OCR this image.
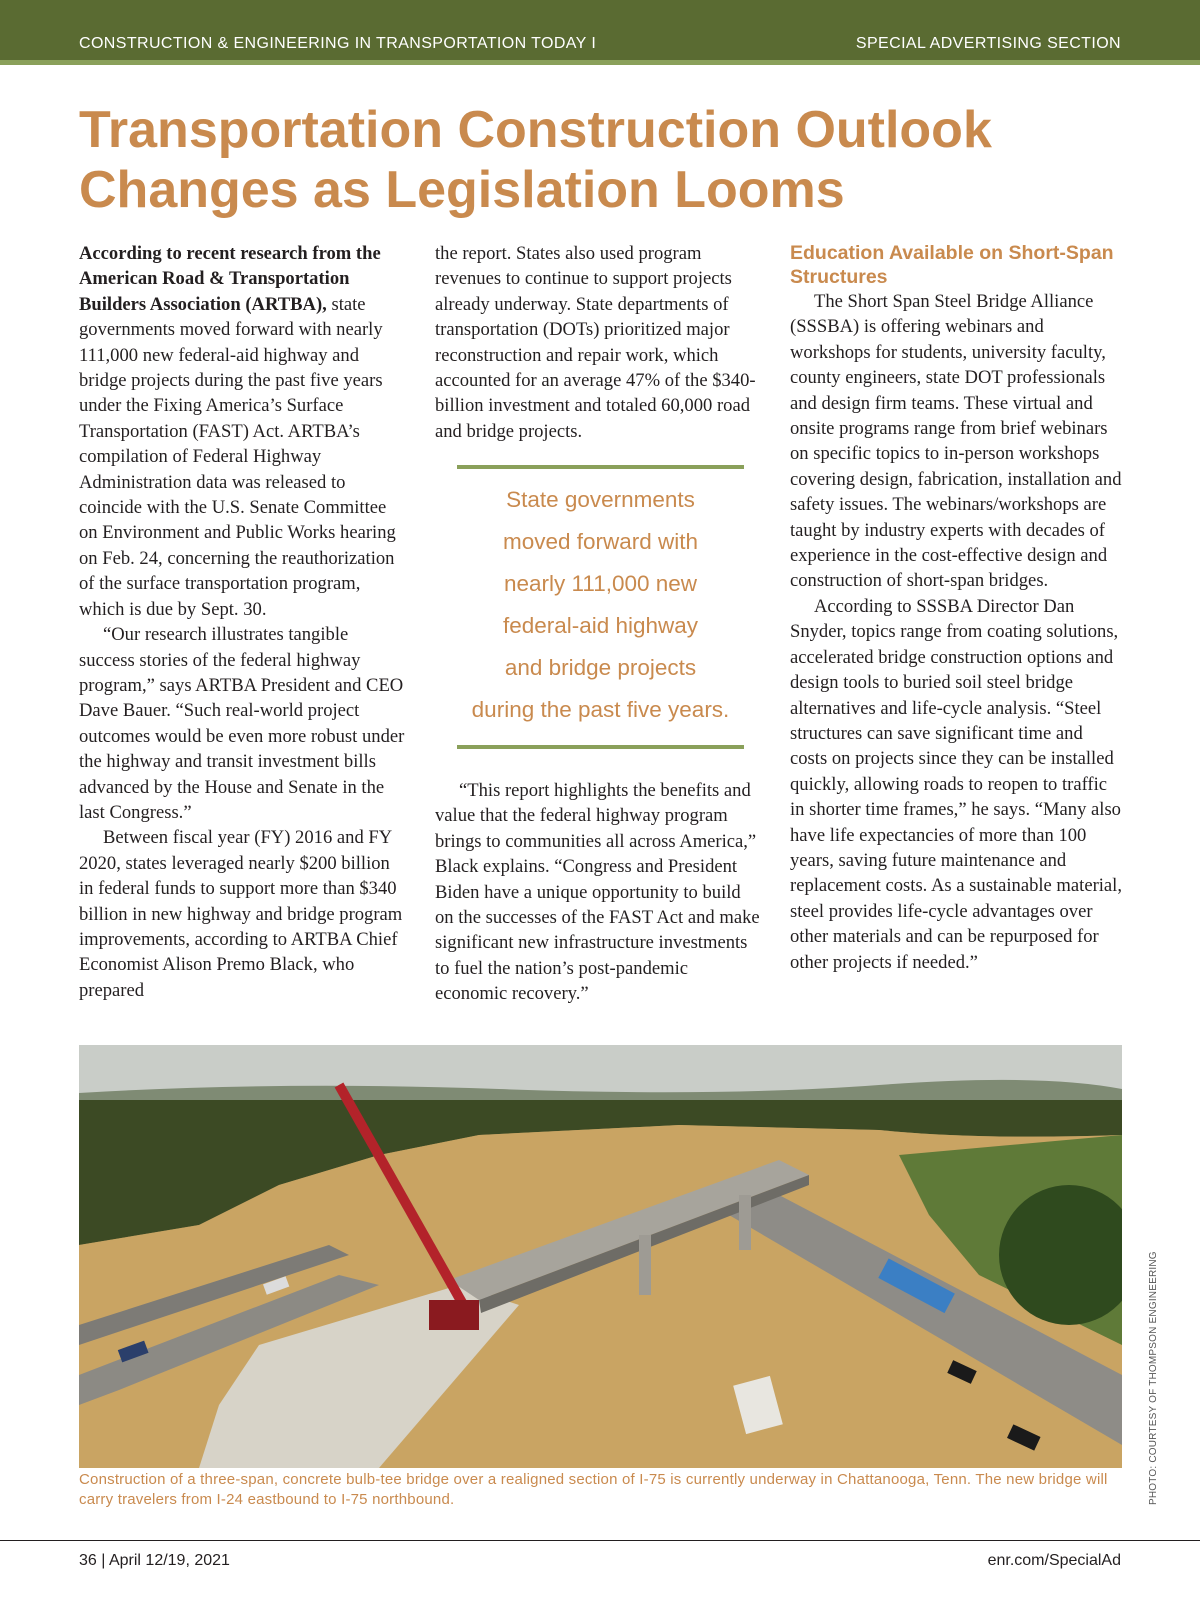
CONSTRUCTION & ENGINEERING IN TRANSPORTATION TODAY I	SPECIAL ADVERTISING SECTION
Transportation Construction Outlook
Changes as Legislation Looms

According to recent research from the American Road & Transportation Builders Association (ARTBA), state governments moved forward with nearly 111,000 new federal-aid highway and bridge projects during the past five years under the Fixing America’s Surface Transportation (FAST) Act. ARTBA’s compilation of Federal Highway Administration data was released to coincide with the U.S. Senate Committee on Environment and Public Works hearing on Feb. 24, concerning the reauthorization of the surface transportation program, which is due by Sept. 30.

“Our research illustrates tangible success stories of the federal highway program,” says ARTBA President and CEO Dave Bauer. “Such real-world project outcomes would be even more robust under the highway and transit investment bills advanced by the House and Senate in the last Congress.”

Between fiscal year (FY) 2016 and FY 2020, states leveraged nearly $200 billion in federal funds to support more than $340 billion in new highway and bridge program improvements, according to ARTBA Chief Economist Alison Premo Black, who prepared

the report. States also used program revenues to continue to support projects already underway. State departments of transportation (DOTs) prioritized major reconstruction and repair work, which accounted for an average 47% of the $340-billion investment and totaled 60,000 road and bridge projects.

State governments
moved forward with
nearly 111,000 new
federal-aid highway
and bridge projects
during the past five years.

“This report highlights the benefits and value that the federal highway program brings to communities all across America,” Black explains. “Congress and President Biden have a unique opportunity to build on the successes of the FAST Act and make significant new infrastructure investments to fuel the nation’s post-pandemic economic recovery.”

Education Available on Short-Span Structures

The Short Span Steel Bridge Alliance (SSSBA) is offering webinars and workshops for students, university faculty, county engineers, state DOT professionals and design firm teams. These virtual and onsite programs range from brief webinars on specific topics to in-person workshops covering design, fabrication, installation and safety issues. The webinars/workshops are taught by industry experts with decades of experience in the cost-effective design and construction of short-span bridges.

According to SSSBA Director Dan Snyder, topics range from coating solutions, accelerated bridge construction options and design tools to buried soil steel bridge alternatives and life-cycle analysis. “Steel structures can save significant time and costs on projects since they can be installed quickly, allowing roads to reopen to traffic in shorter time frames,” he says. “Many also have life expectancies of more than 100 years, saving future maintenance and replacement costs. As a sustainable material, steel provides life-cycle advantages over other materials and can be repurposed for other projects if needed.”

PHOTO: COURTESY OF THOMPSON ENGINEERING
Construction of a three-span, concrete bulb-tee bridge over a realigned section of I-75 is currently underway in Chattanooga, Tenn. The new bridge will carry travelers from I-24 eastbound to I-75 northbound.
36 | April 12/19, 2021	enr.com/SpecialAd
